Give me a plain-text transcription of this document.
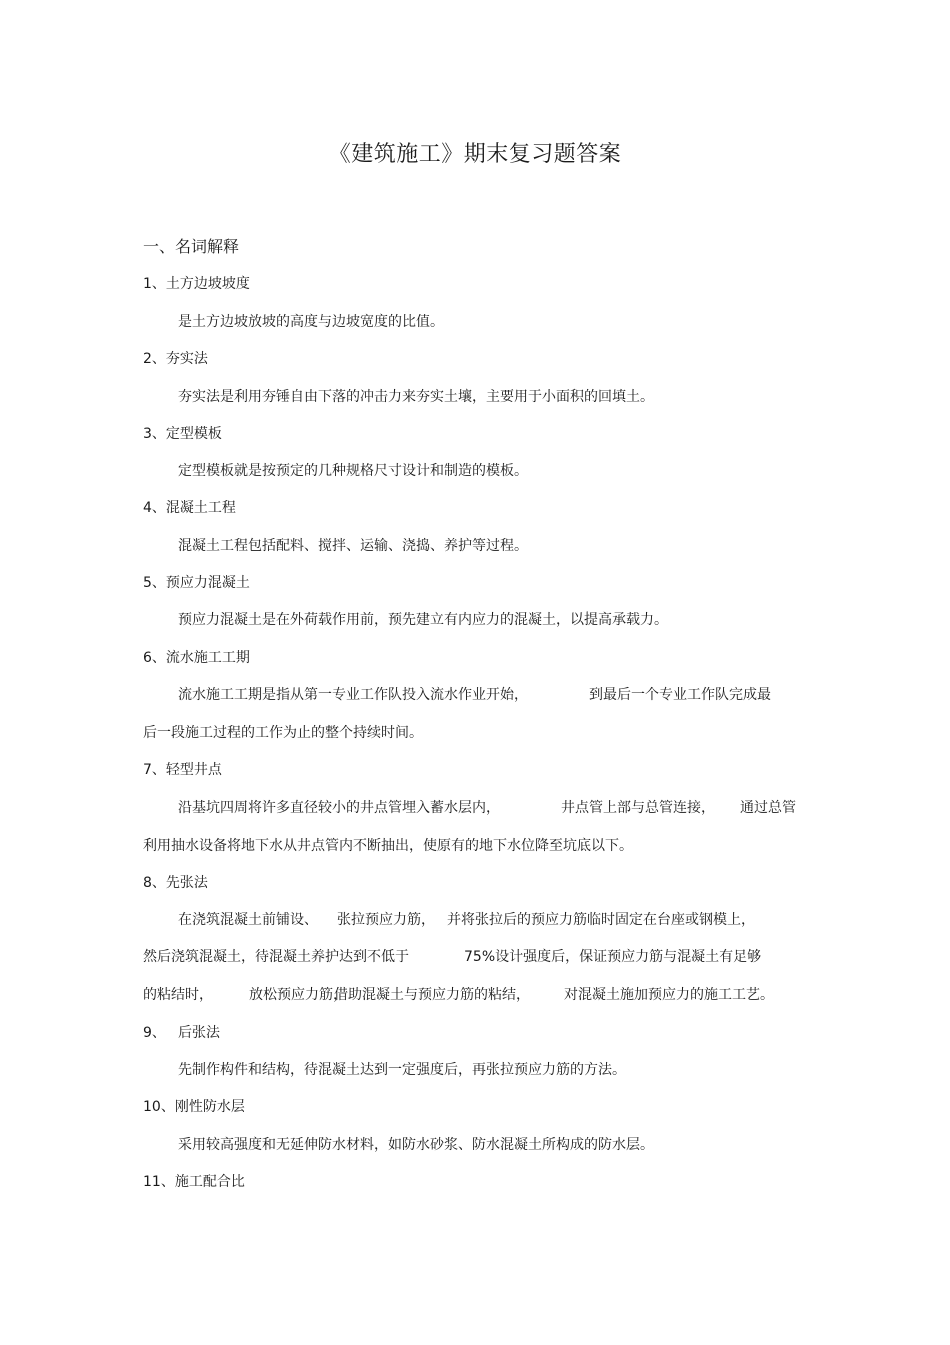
《建筑施工》期末复习题答案
一、名词解释
1、土方边坡坡度
是土方边坡放坡的高度与边坡宽度的比值。
2、夯实法
夯实法是利用夯锤自由下落的冲击力来夯实土壤，主要用于小面积的回填土。
3、定型模板
定型模板就是按预定的几种规格尺寸设计和制造的模板。
4、混凝土工程
混凝土工程包括配料、搅拌、运输、浇捣、养护等过程。
5、预应力混凝土
预应力混凝土是在外荷载作用前，预先建立有内应力的混凝土，以提高承载力。
6、流水施工工期
流水施工工期是指从第一专业工作队投入流水作业开始，	到最后一个专业工作队完成最
后一段施工过程的工作为止的整个持续时间。
7、轻型井点
沿基坑四周将许多直径较小的井点管埋入蓄水层内，	井点管上部与总管连接， 通过总管
利用抽水设备将地下水从井点管内不断抽出，使原有的地下水位降至坑底以下。
8、先张法
在浇筑混凝土前铺设、 张拉预应力筋， 并将张拉后的预应力筋临时固定在台座或钢模上，
然后浇筑混凝土，待混凝土养护达到不低于	75%设计强度后，保证预应力筋与混凝土有足够
的粘结时，	放松预应力筋，
借助混凝土与预应力筋的粘结， 对混凝土施加预应力的施工工艺。
9、 后张法
先制作构件和结构，待混凝土达到一定强度后，再张拉预应力筋的方法。
10、刚性防水层
采用较高强度和无延伸防水材料，如防水砂浆、防水混凝土所构成的防水层。
11、施工配合比
